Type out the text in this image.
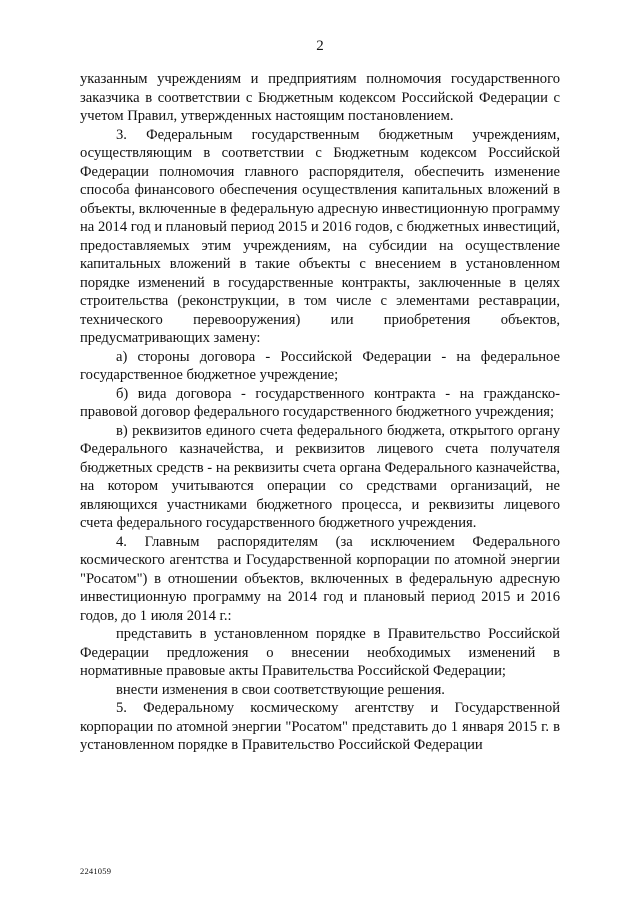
2

указанным учреждениям и предприятиям полномочия государственного заказчика в соответствии с Бюджетным кодексом Российской Федерации с учетом Правил, утвержденных настоящим постановлением.

3. Федеральным государственным бюджетным учреждениям, осуществляющим в соответствии с Бюджетным кодексом Российской Федерации полномочия главного распорядителя, обеспечить изменение способа финансового обеспечения осуществления капитальных вложений в объекты, включенные в федеральную адресную инвестиционную программу на 2014 год и плановый период 2015 и 2016 годов, с бюджетных инвестиций, предоставляемых этим учреждениям, на субсидии на осуществление капитальных вложений в такие объекты с внесением в установленном порядке изменений в государственные контракты, заключенные в целях строительства (реконструкции, в том числе с элементами реставрации, технического перевооружения) или приобретения объектов, предусматривающих замену:

а) стороны договора - Российской Федерации - на федеральное государственное бюджетное учреждение;

б) вида договора - государственного контракта - на гражданско-правовой договор федерального государственного бюджетного учреждения;

в) реквизитов единого счета федерального бюджета, открытого органу Федерального казначейства, и реквизитов лицевого счета получателя бюджетных средств - на реквизиты счета органа Федерального казначейства, на котором учитываются операции со средствами организаций, не являющихся участниками бюджетного процесса, и реквизиты лицевого счета федерального государственного бюджетного учреждения.

4. Главным распорядителям (за исключением Федерального космического агентства и Государственной корпорации по атомной энергии "Росатом") в отношении объектов, включенных в федеральную адресную инвестиционную программу на 2014 год и плановый период 2015 и 2016 годов, до 1 июля 2014 г.:

представить в установленном порядке в Правительство Российской Федерации предложения о внесении необходимых изменений в нормативные правовые акты Правительства Российской Федерации;

внести изменения в свои соответствующие решения.

5. Федеральному космическому агентству и Государственной корпорации по атомной энергии "Росатом" представить до 1 января 2015 г. в установленном порядке в Правительство Российской Федерации

2241059
